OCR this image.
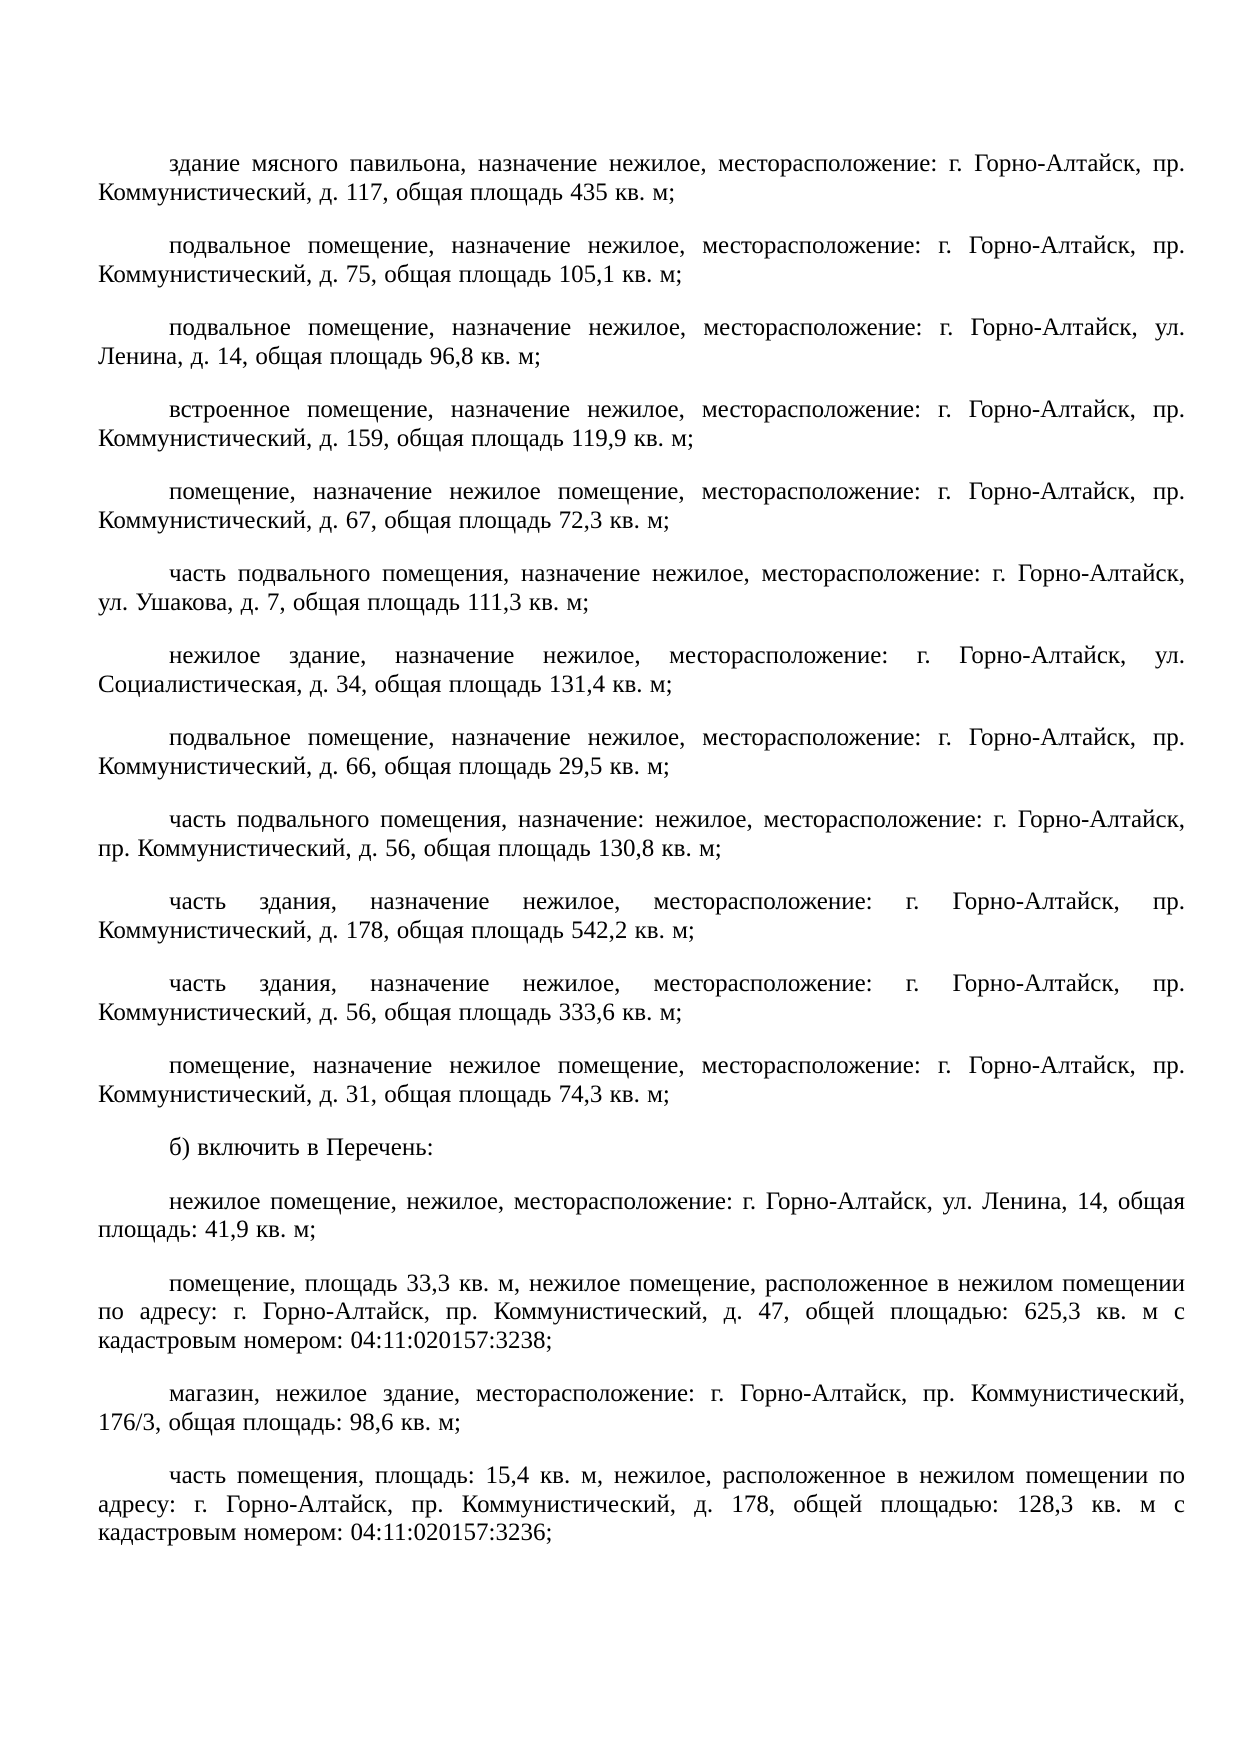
здание мясного павильона, назначение нежилое, месторасположение: г. Горно-Алтайск, пр. Коммунистический, д. 117, общая площадь 435 кв. м;

подвальное помещение, назначение нежилое, месторасположение: г. Горно-Алтайск, пр. Коммунистический, д. 75, общая площадь 105,1 кв. м;

подвальное помещение, назначение нежилое, месторасположение: г. Горно-Алтайск, ул. Ленина, д. 14, общая площадь 96,8 кв. м;

встроенное помещение, назначение нежилое, месторасположение: г. Горно-Алтайск, пр. Коммунистический, д. 159, общая площадь 119,9 кв. м;

помещение, назначение нежилое помещение, месторасположение: г. Горно-Алтайск, пр. Коммунистический, д. 67, общая площадь 72,3 кв. м;

часть подвального помещения, назначение нежилое, месторасположение: г. Горно-Алтайск, ул. Ушакова, д. 7, общая площадь 111,3 кв. м;

нежилое здание, назначение нежилое, месторасположение: г. Горно-Алтайск, ул. Социалистическая, д. 34, общая площадь 131,4 кв. м;

подвальное помещение, назначение нежилое, месторасположение: г. Горно-Алтайск, пр. Коммунистический, д. 66, общая площадь 29,5 кв. м;

часть подвального помещения, назначение: нежилое, месторасположение: г. Горно-Алтайск, пр. Коммунистический, д. 56, общая площадь 130,8 кв. м;

часть здания, назначение нежилое, месторасположение: г. Горно-Алтайск, пр. Коммунистический, д. 178, общая площадь 542,2 кв. м;

часть здания, назначение нежилое, месторасположение: г. Горно-Алтайск, пр. Коммунистический, д. 56, общая площадь 333,6 кв. м;

помещение, назначение нежилое помещение, месторасположение: г. Горно-Алтайск, пр. Коммунистический, д. 31, общая площадь 74,3 кв. м;

б) включить в Перечень:

нежилое помещение, нежилое, месторасположение: г. Горно-Алтайск, ул. Ленина, 14, общая площадь: 41,9 кв. м;

помещение, площадь 33,3 кв. м, нежилое помещение, расположенное в нежилом помещении по адресу: г. Горно-Алтайск, пр. Коммунистический, д. 47, общей площадью: 625,3 кв. м с кадастровым номером: 04:11:020157:3238;

магазин, нежилое здание, месторасположение: г. Горно-Алтайск, пр. Коммунистический, 176/3, общая площадь: 98,6 кв. м;

часть помещения, площадь: 15,4 кв. м, нежилое, расположенное в нежилом помещении по адресу: г. Горно-Алтайск, пр. Коммунистический, д. 178, общей площадью: 128,3 кв. м с кадастровым номером: 04:11:020157:3236;
